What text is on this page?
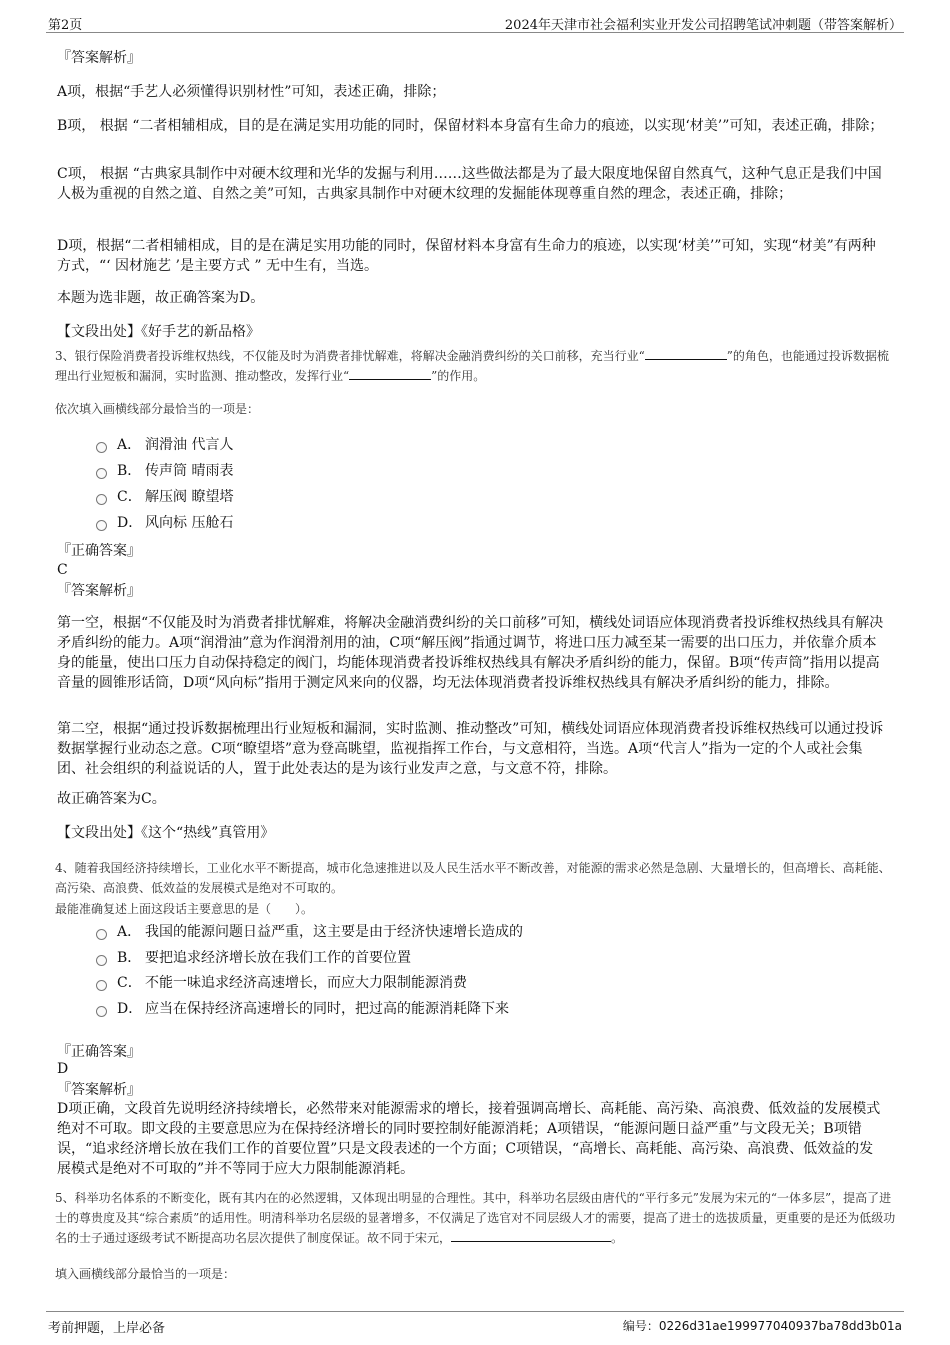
第2页	2024年天津市社会福利实业开发公司招聘笔试冲刺题（带答案解析）
『答案解析』
A项，根据“手艺人必须懂得识别材性”可知，表述正确，排除；
B项， 根据 “二者相辅相成，目的是在满足实用功能的同时，保留材料本身富有生命力的痕迹，以实现‘材美’”可知，表述正确，排除；
C项， 根据 “古典家具制作中对硬木纹理和光华的发掘与利用……这些做法都是为了最大限度地保留自然真气，这种气息正是我们中国人极为重视的自然之道、自然之美”可知，古典家具制作中对硬木纹理的发掘能体现尊重自然的理念，表述正确，排除；
D项，根据“二者相辅相成，目的是在满足实用功能的同时，保留材料本身富有生命力的痕迹，以实现‘材美’”可知，实现“材美”有两种方式，“‘ 因材施艺 ’是主要方式 ” 无中生有，当选。
本题为选非题，故正确答案为D。
【文段出处】《好手艺的新品格》
3、银行保险消费者投诉维权热线，不仅能及时为消费者排忧解难，将解决金融消费纠纷的关口前移，充当行业“	”的角色，也能通过投诉数据梳理出行业短板和漏洞，实时监测、推动整改，发挥行业“	”的作用。
依次填入画横线部分最恰当的一项是：
A． 润滑油 代言人
B． 传声筒 晴雨表
C． 解压阀 瞭望塔
D． 风向标 压舱石
『正确答案』
C
『答案解析』
第一空，根据“不仅能及时为消费者排忧解难，将解决金融消费纠纷的关口前移”可知，横线处词语应体现消费者投诉维权热线具有解决矛盾纠纷的能力。A项“润滑油”意为作润滑剂用的油，C项“解压阀”指通过调节，将进口压力减至某一需要的出口压力，并依靠介质本身的能量，使出口压力自动保持稳定的阀门，均能体现消费者投诉维权热线具有解决矛盾纠纷的能力，保留。B项“传声筒”指用以提高音量的圆锥形话筒，D项“风向标”指用于测定风来向的仪器，均无法体现消费者投诉维权热线具有解决矛盾纠纷的能力，排除。
第二空，根据“通过投诉数据梳理出行业短板和漏洞，实时监测、推动整改”可知，横线处词语应体现消费者投诉维权热线可以通过投诉数据掌握行业动态之意。C项“瞭望塔”意为登高眺望，监视指挥工作台，与文意相符，当选。A项“代言人”指为一定的个人或社会集团、社会组织的利益说话的人，置于此处表达的是为该行业发声之意，与文意不符，排除。
故正确答案为C。
【文段出处】《这个“热线”真管用》
4、随着我国经济持续增长，工业化水平不断提高，城市化急速推进以及人民生活水平不断改善，对能源的需求必然是急剧、大量增长的，但高增长、高耗能、高污染、高浪费、低效益的发展模式是绝对不可取的。
最能准确复述上面这段话主要意思的是（　　）。
A． 我国的能源问题日益严重，这主要是由于经济快速增长造成的
B． 要把追求经济增长放在我们工作的首要位置
C． 不能一味追求经济高速增长，而应大力限制能源消费
D． 应当在保持经济高速增长的同时，把过高的能源消耗降下来
『正确答案』
D
『答案解析』
D项正确，文段首先说明经济持续增长，必然带来对能源需求的增长，接着强调高增长、高耗能、高污染、高浪费、低效益的发展模式绝对不可取。即文段的主要意思应为在保持经济增长的同时要控制好能源消耗；A项错误，“能源问题日益严重”与文段无关；B项错误，“追求经济增长放在我们工作的首要位置”只是文段表述的一个方面；C项错误，“高增长、高耗能、高污染、高浪费、低效益的发展模式是绝对不可取的”并不等同于应大力限制能源消耗。
5、科举功名体系的不断变化，既有其内在的必然逻辑，又体现出明显的合理性。其中，科举功名层级由唐代的“平行多元”发展为宋元的“一体多层”，提高了进士的尊贵度及其“综合素质”的适用性。明清科举功名层级的显著增多，不仅满足了选官对不同层级人才的需要，提高了进士的选拔质量，更重要的是还为低级功名的士子通过逐级考试不断提高功名层次提供了制度保证。故不同于宋元，	。
填入画横线部分最恰当的一项是：
考前押题，上岸必备	编号：0226d31ae199977040937ba78dd3b01a
